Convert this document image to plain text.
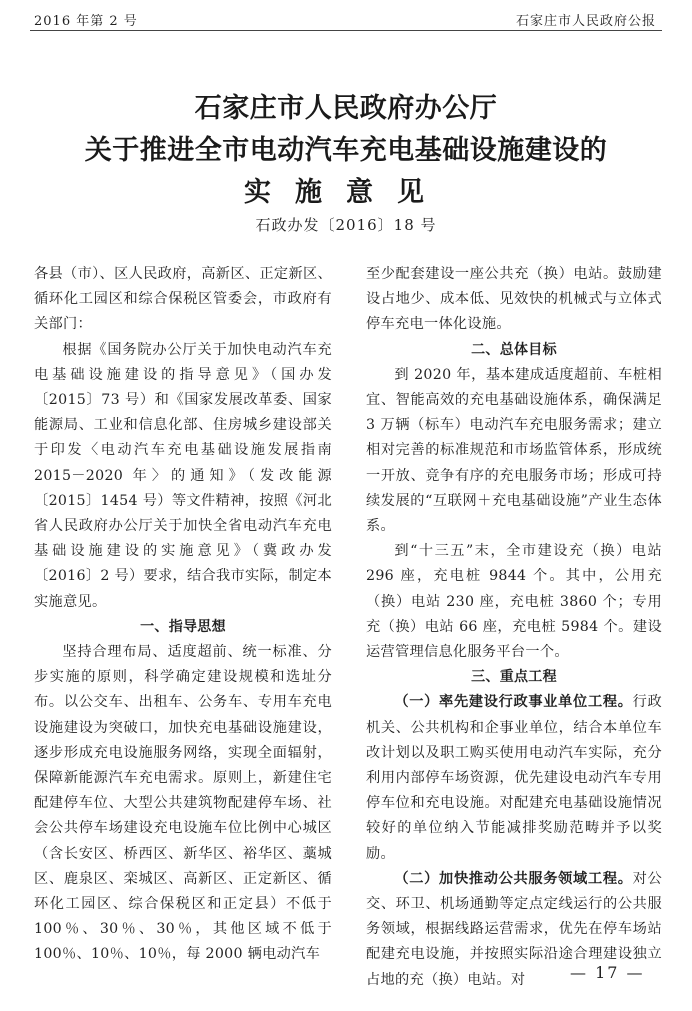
2016 年第 2 号	石家庄市人民政府公报
石家庄市人民政府办公厅
关于推进全市电动汽车充电基础设施建设的
实施意见
石政办发〔2016〕18 号

各县（市）、区人民政府，高新区、正定新区、循环化工园区和综合保税区管委会，市政府有关部门：

根据《国务院办公厅关于加快电动汽车充电基础设施建设的指导意见》（国办发〔2015〕73 号）和《国家发展改革委、国家能源局、工业和信息化部、住房城乡建设部关于印发〈电动汽车充电基础设施发展指南 2015－2020 年〉的通知》（发改能源〔2015〕1454 号）等文件精神，按照《河北省人民政府办公厅关于加快全省电动汽车充电基础设施建设的实施意见》（冀政办发〔2016〕2 号）要求，结合我市实际，制定本实施意见。

一、指导思想

坚持合理布局、适度超前、统一标准、分步实施的原则，科学确定建设规模和选址分布。以公交车、出租车、公务车、专用车充电设施建设为突破口，加快充电基础设施建设，逐步形成充电设施服务网络，实现全面辐射，保障新能源汽车充电需求。原则上，新建住宅配建停车位、大型公共建筑物配建停车场、社会公共停车场建设充电设施车位比例中心城区（含长安区、桥西区、新华区、裕华区、藁城区、鹿泉区、栾城区、高新区、正定新区、循环化工园区、综合保税区和正定县）不低于 100％、30％、30％，其他区域不低于 100％、10％、10％，每 2000 辆电动汽车

至少配套建设一座公共充（换）电站。鼓励建设占地少、成本低、见效快的机械式与立体式停车充电一体化设施。

二、总体目标

到 2020 年，基本建成适度超前、车桩相宜、智能高效的充电基础设施体系，确保满足 3 万辆（标车）电动汽车充电服务需求；建立相对完善的标准规范和市场监管体系，形成统一开放、竞争有序的充电服务市场；形成可持续发展的“互联网＋充电基础设施”产业生态体系。

到“十三五”末，全市建设充（换）电站 296 座，充电桩 9844 个。其中，公用充（换）电站 230 座，充电桩 3860 个；专用充（换）电站 66 座，充电桩 5984 个。建设运营管理信息化服务平台一个。

三、重点工程

（一）率先建设行政事业单位工程。行政机关、公共机构和企事业单位，结合本单位车改计划以及职工购买使用电动汽车实际，充分利用内部停车场资源，优先建设电动汽车专用停车位和充电设施。对配建充电基础设施情况较好的单位纳入节能减排奖励范畴并予以奖励。

（二）加快推动公共服务领域工程。对公交、环卫、机场通勤等定点定线运行的公共服务领域，根据线路运营需求，优先在停车场站配建充电设施，并按照实际沿途合理建设独立占地的充（换）电站。对	— 17 —
